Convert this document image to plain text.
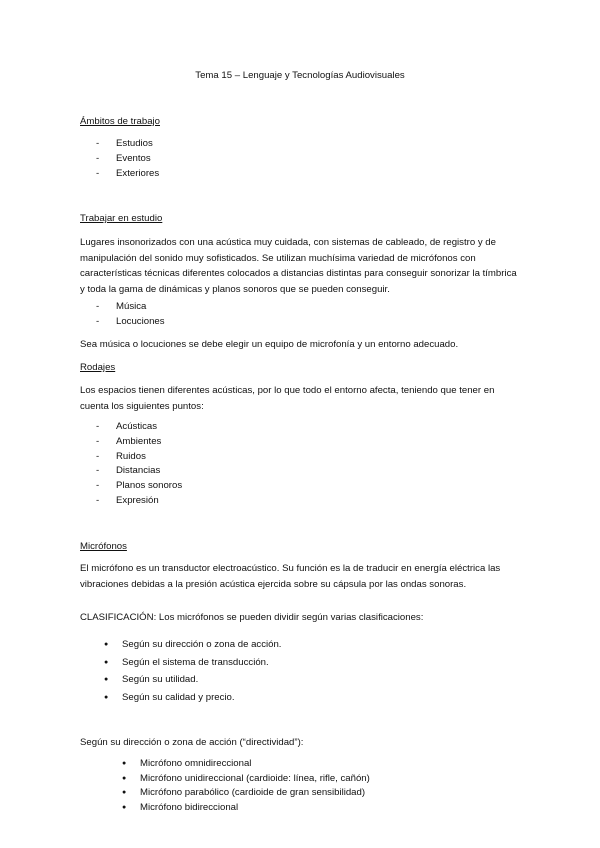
Tema 15 – Lenguaje y Tecnologías Audiovisuales
Ámbitos de trabajo
- Estudios
- Eventos
- Exteriores
Trabajar en estudio
Lugares insonorizados con una acústica muy cuidada, con sistemas de cableado, de registro y de manipulación del sonido muy sofisticados. Se utilizan muchísima variedad de micrófonos con características técnicas diferentes colocados a distancias distintas para conseguir sonorizar la tímbrica y toda la gama de dinámicas y planos sonoros que se pueden conseguir.
- Música
- Locuciones
Sea música o locuciones se debe elegir un equipo de microfonía y un entorno adecuado.
Rodajes
Los espacios tienen diferentes acústicas, por lo que todo el entorno afecta, teniendo que tener en cuenta los siguientes puntos:
- Acústicas
- Ambientes
- Ruidos
- Distancias
- Planos sonoros
- Expresión
Micrófonos
El micrófono es un transductor electroacústico. Su función es la de traducir en energía eléctrica las vibraciones debidas a la presión acústica ejercida sobre su cápsula por las ondas sonoras.
CLASIFICACIÓN: Los micrófonos se pueden dividir según varias clasificaciones:
● Según su dirección o zona de acción.
● Según el sistema de transducción.
● Según su utilidad.
● Según su calidad y precio.
Según su dirección o zona de acción (“directividad”):
● Micrófono omnidireccional
● Micrófono unidireccional (cardioide: línea, rifle, cañón)
● Micrófono parabólico (cardioide de gran sensibilidad)
● Micrófono bidireccional
